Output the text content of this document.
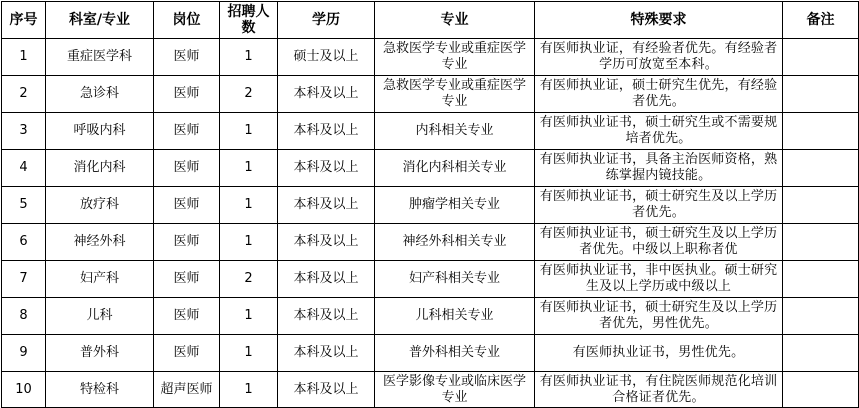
序号	科室/专业	岗位	招聘人数	学历	专业	特殊要求	备注
1	重症医学科	医师	1	硕士及以上	急救医学专业或重症医学专业	有医师执业证，有经验者优先。有经验者学历可放宽至本科。	
2	急诊科	医师	2	本科及以上	急救医学专业或重症医学专业	有医师执业证，硕士研究生优先，有经验者优先。	
3	呼吸内科	医师	1	本科及以上	内科相关专业	有医师执业证书，硕士研究生或不需要规培者优先。	
4	消化内科	医师	1	本科及以上	消化内科相关专业	有医师执业证书，具备主治医师资格，熟练掌握内镜技能。	
5	放疗科	医师	1	本科及以上	肿瘤学相关专业	有医师执业证书，硕士研究生及以上学历者优先。	
6	神经外科	医师	1	本科及以上	神经外科相关专业	有医师执业证书，硕士研究生及以上学历者优先。中级以上职称者优	
7	妇产科	医师	2	本科及以上	妇产科相关专业	有医师执业证书，非中医执业。硕士研究生及以上学历或中级以上	
8	儿科	医师	1	本科及以上	儿科相关专业	有医师执业证书，硕士研究生及以上学历者优先，男性优先。	
9	普外科	医师	1	本科及以上	普外科相关专业	有医师执业证书，男性优先。	
10	特检科	超声医师	1	本科及以上	医学影像专业或临床医学专业	有医师执业证书，有住院医师规范化培训合格证者优先。	
